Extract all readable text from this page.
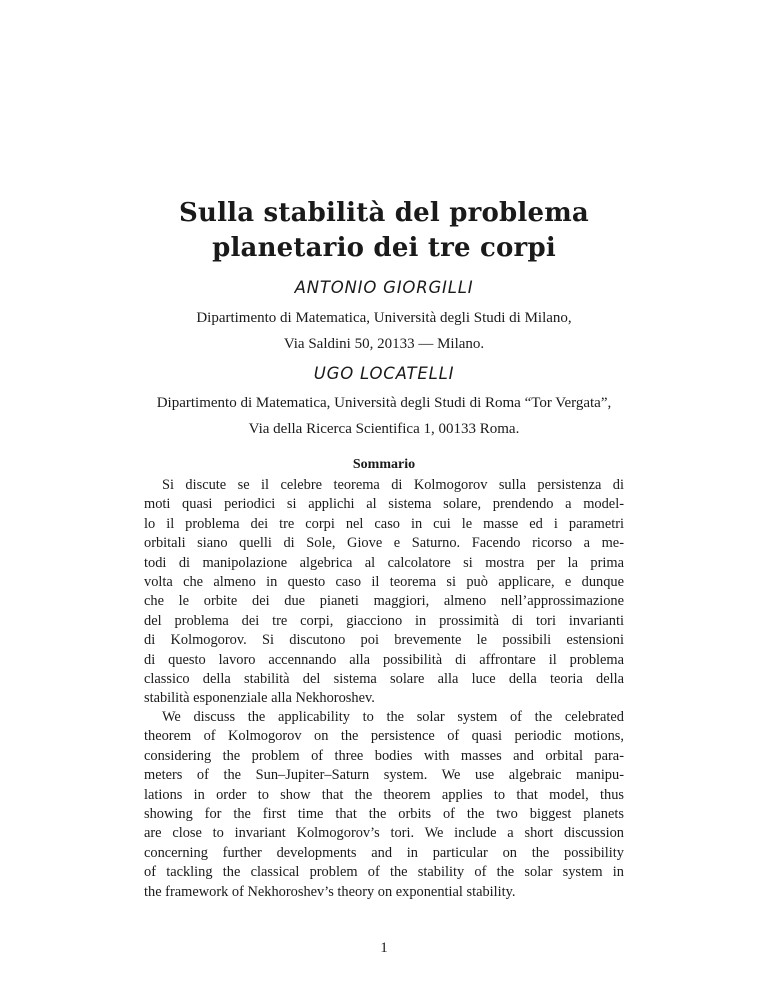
Sulla stabilità del problema
planetario dei tre corpi
ANTONIO GIORGILLI
Dipartimento di Matematica, Università degli Studi di Milano,
Via Saldini 50, 20133 — Milano.
UGO LOCATELLI
Dipartimento di Matematica, Università degli Studi di Roma “Tor Vergata”,
Via della Ricerca Scientifica 1, 00133 Roma.
Sommario
Si discute se il celebre teorema di Kolmogorov sulla persistenza di
moti quasi periodici si applichi al sistema solare, prendendo a model-
lo il problema dei tre corpi nel caso in cui le masse ed i parametri
orbitali siano quelli di Sole, Giove e Saturno. Facendo ricorso a me-
todi di manipolazione algebrica al calcolatore si mostra per la prima
volta che almeno in questo caso il teorema si può applicare, e dunque
che le orbite dei due pianeti maggiori, almeno nell’approssimazione
del problema dei tre corpi, giacciono in prossimità di tori invarianti
di Kolmogorov. Si discutono poi brevemente le possibili estensioni
di questo lavoro accennando alla possibilità di affrontare il problema
classico della stabilità del sistema solare alla luce della teoria della
stabilità esponenziale alla Nekhoroshev.
We discuss the applicability to the solar system of the celebrated
theorem of Kolmogorov on the persistence of quasi periodic motions,
considering the problem of three bodies with masses and orbital para-
meters of the Sun–Jupiter–Saturn system. We use algebraic manipu-
lations in order to show that the theorem applies to that model, thus
showing for the first time that the orbits of the two biggest planets
are close to invariant Kolmogorov’s tori. We include a short discussion
concerning further developments and in particular on the possibility
of tackling the classical problem of the stability of the solar system in
the framework of Nekhoroshev’s theory on exponential stability.
1
